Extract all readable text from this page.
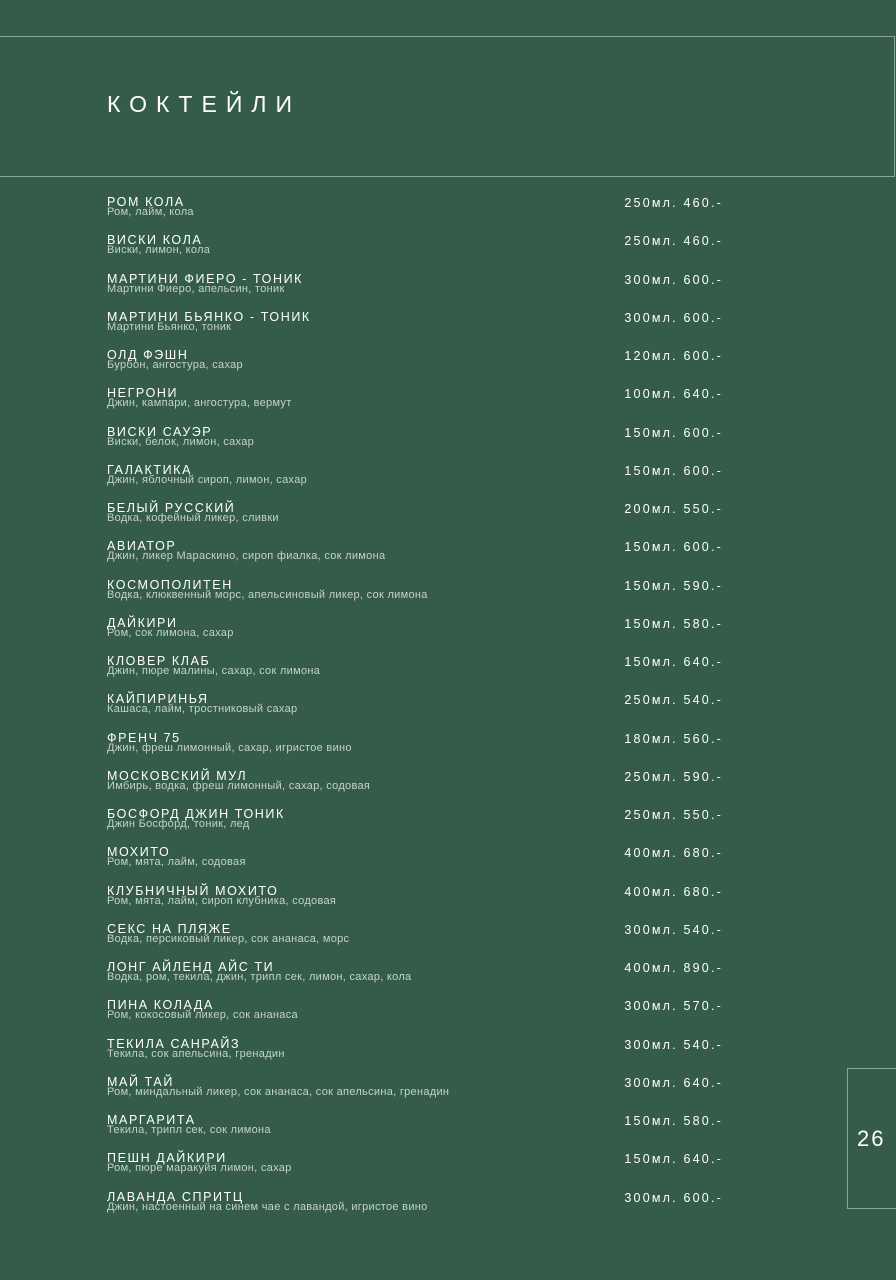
КОКТЕЙЛИ
РОМ КОЛА
Ром, лайм, кола
250мл. 460.-
ВИСКИ КОЛА
Виски, лимон, кола
250мл. 460.-
МАРТИНИ ФИЕРО - ТОНИК
Мартини Фиеро, апельсин, тоник
300мл. 600.-
МАРТИНИ БЬЯНКО - ТОНИК
Мартини Бьянко, тоник
300мл. 600.-
ОЛД ФЭШН
Бурбон, ангостура, сахар
120мл. 600.-
НЕГРОНИ
Джин, кампари, ангостура, вермут
100мл. 640.-
ВИСКИ САУЭР
Виски, белок, лимон, сахар
150мл. 600.-
ГАЛАКТИКА
Джин, яблочный сироп, лимон, сахар
150мл. 600.-
БЕЛЫЙ РУССКИЙ
Водка, кофейный ликер, сливки
200мл. 550.-
АВИАТОР
Джин, ликер Мараскино, сироп фиалка, сок лимона
150мл. 600.-
КОСМОПОЛИТЕН
Водка, клюквенный морс, апельсиновый ликер, сок лимона
150мл. 590.-
ДАЙКИРИ
Ром, сок лимона, сахар
150мл. 580.-
КЛОВЕР КЛАБ
Джин, пюре малины, сахар, сок лимона
150мл. 640.-
КАЙПИРИНЬЯ
Кашаса, лайм, тростниковый сахар
250мл. 540.-
ФРЕНЧ 75
Джин, фреш лимонный, сахар, игристое вино
180мл. 560.-
МОСКОВСКИЙ МУЛ
Имбирь, водка, фреш лимонный, сахар, содовая
250мл. 590.-
БОСФОРД ДЖИН ТОНИК
Джин Босфорд, тоник, лед
250мл. 550.-
МОХИТО
Ром, мята, лайм, содовая
400мл. 680.-
КЛУБНИЧНЫЙ МОХИТО
Ром, мята, лайм, сироп клубника, содовая
400мл. 680.-
СЕКС НА ПЛЯЖЕ
Водка, персиковый ликер, сок ананаса, морс
300мл. 540.-
ЛОНГ АЙЛЕНД АЙС ТИ
Водка, ром, текила, джин, трипл сек, лимон, сахар, кола
400мл. 890.-
ПИНА КОЛАДА
Ром, кокосовый ликер, сок ананаса
300мл. 570.-
ТЕКИЛА САНРАЙЗ
Текила, сок апельсина, гренадин
300мл. 540.-
МАЙ ТАЙ
Ром, миндальный ликер, сок ананаса, сок апельсина, гренадин
300мл. 640.-
МАРГАРИТА
Текила, трипл сек, сок лимона
150мл. 580.-
ПЕШН ДАЙКИРИ
Ром, пюре маракуйя лимон, сахар
150мл. 640.-
ЛАВАНДА СПРИТЦ
Джин, настоенный на синем чае с лавандой, игристое вино
300мл. 600.-
26
